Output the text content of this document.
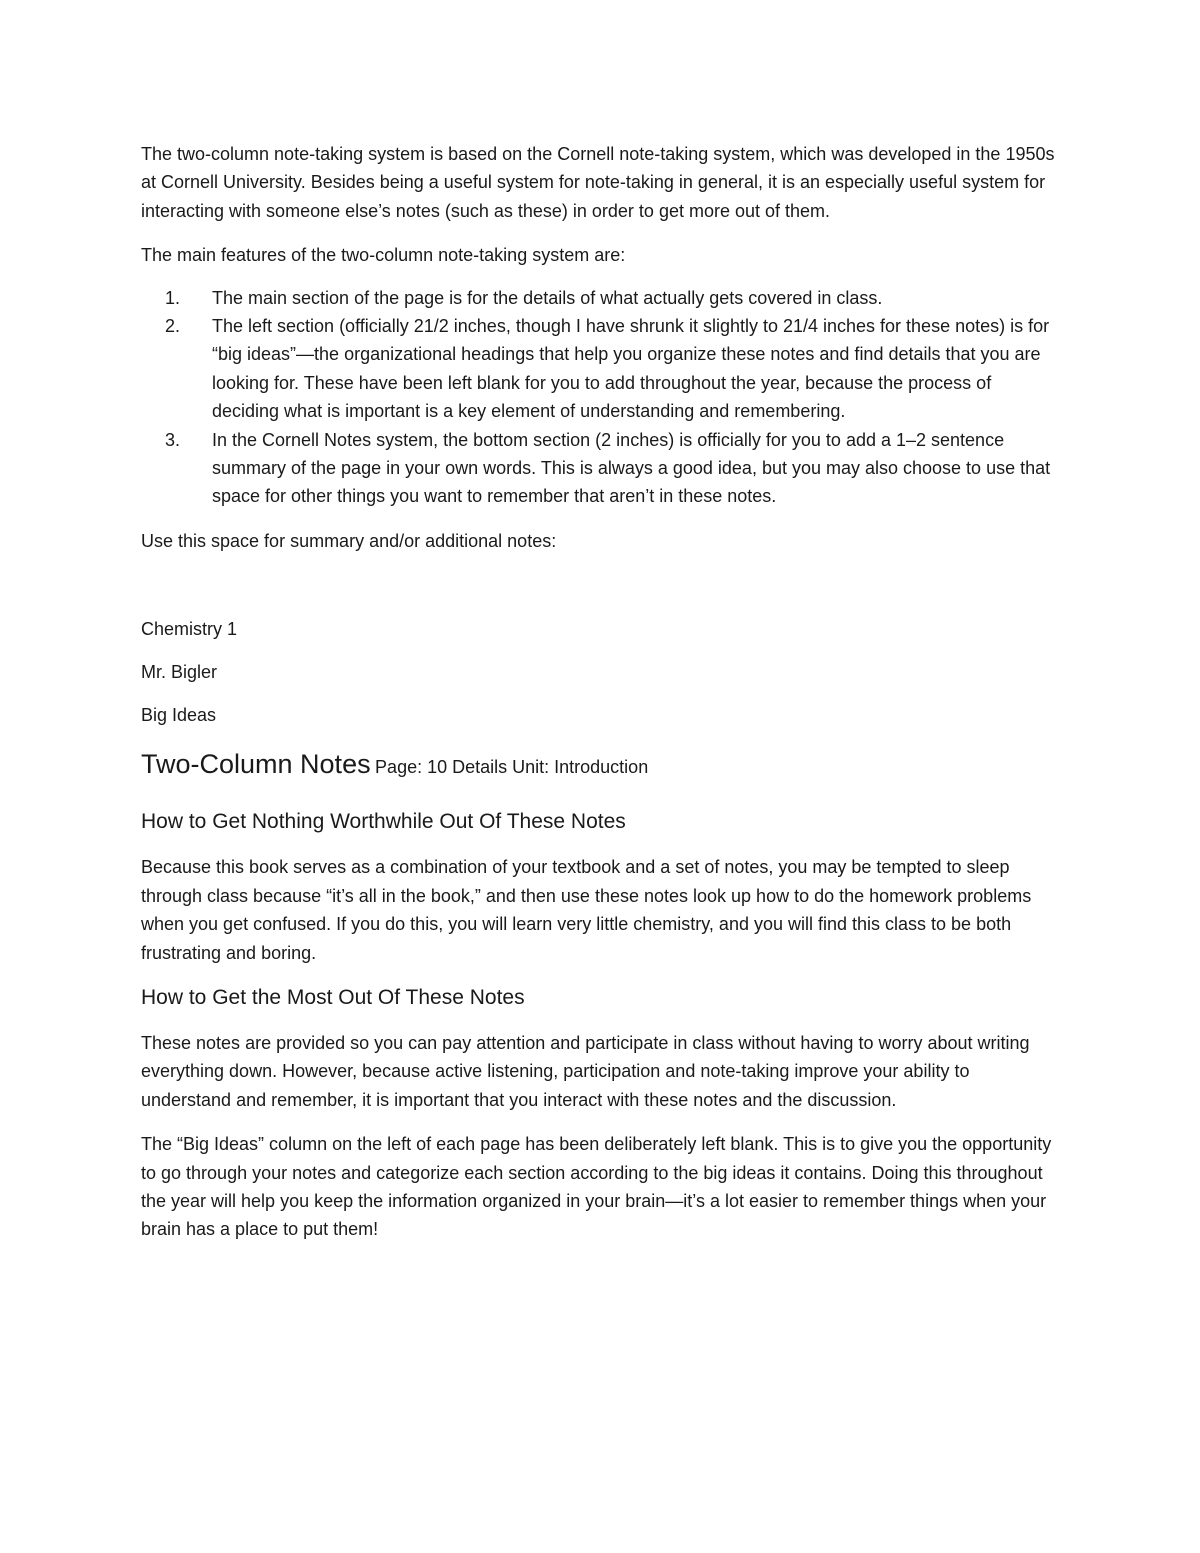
The two-column note-taking system is based on the Cornell note-taking system, which was developed in the 1950s at Cornell University. Besides being a useful system for note-taking in general, it is an especially useful system for interacting with someone else’s notes (such as these) in order to get more out of them.

The main features of the two-column note-taking system are:

1. The main section of the page is for the details of what actually gets covered in class.
2. The left section (officially 21/2 inches, though I have shrunk it slightly to 21/4 inches for these notes) is for “big ideas”—the organizational headings that help you organize these notes and find details that you are looking for. These have been left blank for you to add throughout the year, because the process of deciding what is important is a key element of understanding and remembering.
3. In the Cornell Notes system, the bottom section (2 inches) is officially for you to add a 1–2 sentence summary of the page in your own words. This is always a good idea, but you may also choose to use that space for other things you want to remember that aren’t in these notes.

Use this space for summary and/or additional notes:

Chemistry 1

Mr. Bigler

Big Ideas

Two-Column Notes Page: 10 Details Unit: Introduction
How to Get Nothing Worthwhile Out Of These Notes

Because this book serves as a combination of your textbook and a set of notes, you may be tempted to sleep through class because “it’s all in the book,” and then use these notes look up how to do the homework problems when you get confused. If you do this, you will learn very little chemistry, and you will find this class to be both frustrating and boring.

How to Get the Most Out Of These Notes

These notes are provided so you can pay attention and participate in class without having to worry about writing everything down. However, because active listening, participation and note-taking improve your ability to understand and remember, it is important that you interact with these notes and the discussion.

The “Big Ideas” column on the left of each page has been deliberately left blank. This is to give you the opportunity to go through your notes and categorize each section according to the big ideas it contains. Doing this throughout the year will help you keep the information organized in your brain—it’s a lot easier to remember things when your brain has a place to put them!
